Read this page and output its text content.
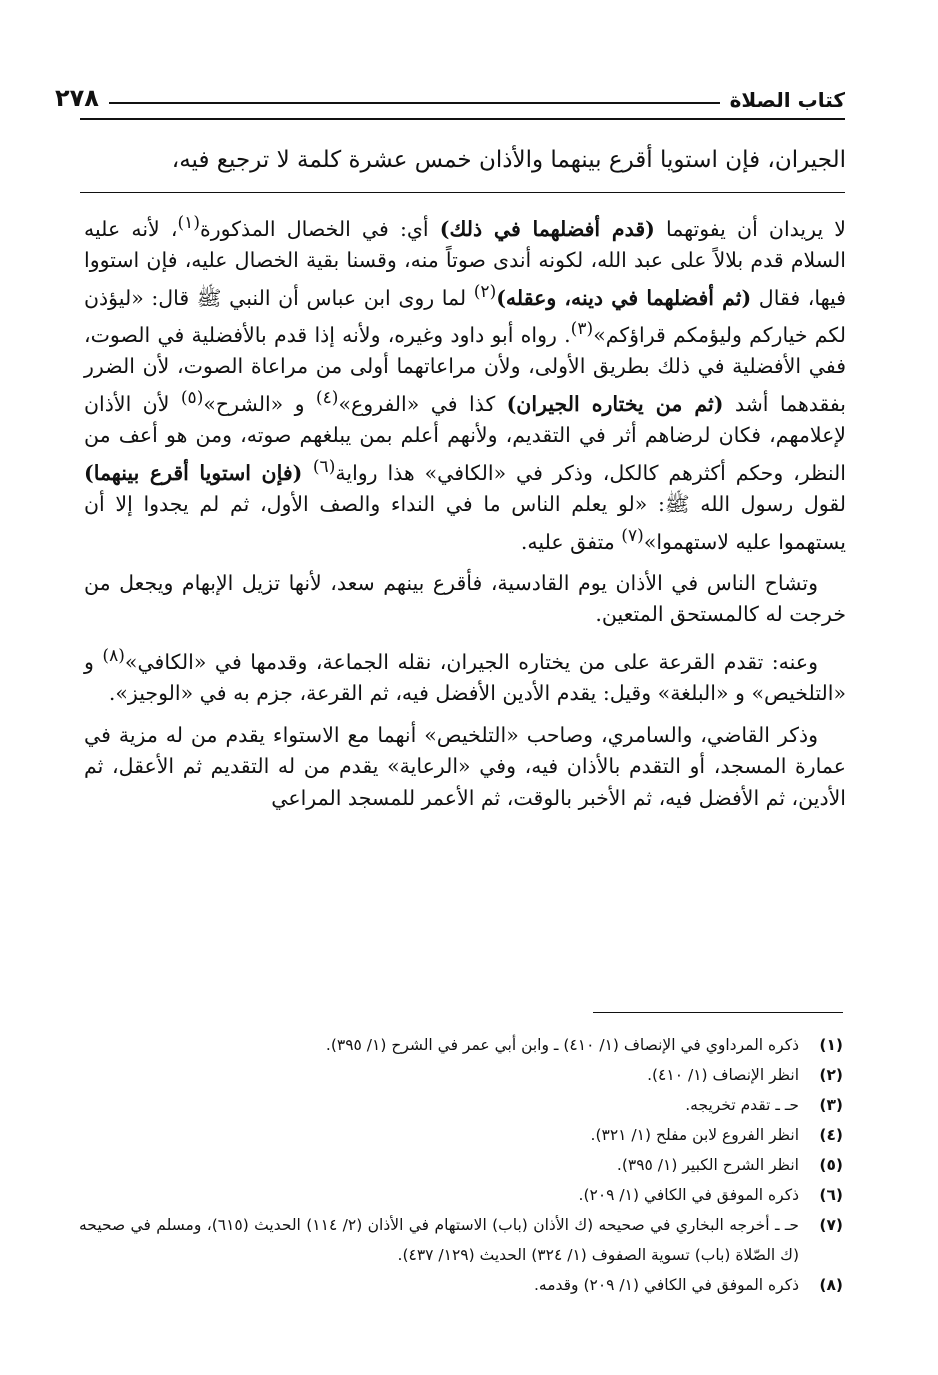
٢٧٨	كتاب الصلاة
الجيران، فإن استويا أقرع بينهما والأذان خمس عشرة كلمة لا ترجيع فيه،

لا يريدان أن يفوتهما (قدم أفضلهما في ذلك) أي: في الخصال المذكورة$^{(١)}$، لأنه عليه السلام قدم بلالاً على عبد الله، لكونه أندى صوتاً منه، وقسنا بقية الخصال عليه، فإن استووا فيها، فقال (ثم أفضلهما في دينه، وعقله)$^{(٢)}$ لما روى ابن عباس أن النبي ﷺ قال: «ليؤذن لكم خياركم وليؤمكم قراؤكم»$^{(٣)}$. رواه أبو داود وغيره، ولأنه إذا قدم بالأفضلية في الصوت، ففي الأفضلية في ذلك بطريق الأولى، ولأن مراعاتهما أولى من مراعاة الصوت، لأن الضرر بفقدهما أشد (ثم من يختاره الجيران) كذا في «الفروع»$^{(٤)}$ و «الشرح»$^{(٥)}$ لأن الأذان لإعلامهم، فكان لرضاهم أثر في التقديم، ولأنهم أعلم بمن يبلغهم صوته، ومن هو أعف من النظر، وحكم أكثرهم كالكل، وذكر في «الكافي» هذا رواية$^{(٦)}$ (فإن استويا أقرع بينهما) لقول رسول الله ﷺ: «لو يعلم الناس ما في النداء والصف الأول، ثم لم يجدوا إلا أن يستهموا عليه لاستهموا»$^{(٧)}$ متفق عليه.

وتشاح الناس في الأذان يوم القادسية، فأقرع بينهم سعد، لأنها تزيل الإبهام ويجعل من خرجت له كالمستحق المتعين.

وعنه: تقدم القرعة على من يختاره الجيران، نقله الجماعة، وقدمها في «الكافي»$^{(٨)}$ و «التلخيص» و «البلغة» وقيل: يقدم الأدين الأفضل فيه، ثم القرعة، جزم به في «الوجيز».

وذكر القاضي، والسامري، وصاحب «التلخيص» أنهما مع الاستواء يقدم من له مزية في عمارة المسجد، أو التقدم بالأذان فيه، وفي «الرعاية» يقدم من له التقديم ثم الأعقل، ثم الأدين، ثم الأفضل فيه، ثم الأخبر بالوقت، ثم الأعمر للمسجد المراعي

(١)
ذكره المرداوي في الإنصاف (١/ ٤١٠) ـ وابن أبي عمر في الشرح (١/ ٣٩٥).
(٢)
انظر الإنصاف (١/ ٤١٠).
(٣)
حـ ـ تقدم تخريجه.
(٤)
انظر الفروع لابن مفلح (١/ ٣٢١).
(٥)
انظر الشرح الكبير (١/ ٣٩٥).
(٦)
ذكره الموفق في الكافي (١/ ٢٠٩).
(٧)
حـ ـ أخرجه البخاري في صحيحه (ك الأذان (باب) الاستهام في الأذان (٢/ ١١٤) الحديث (٦١٥)، ومسلم في صحيحه (ك الصّلاة (باب) تسوية الصفوف (١/ ٣٢٤) الحديث (١٢٩/ ٤٣٧).
(٨)
ذكره الموفق في الكافي (١/ ٢٠٩) وقدمه.
